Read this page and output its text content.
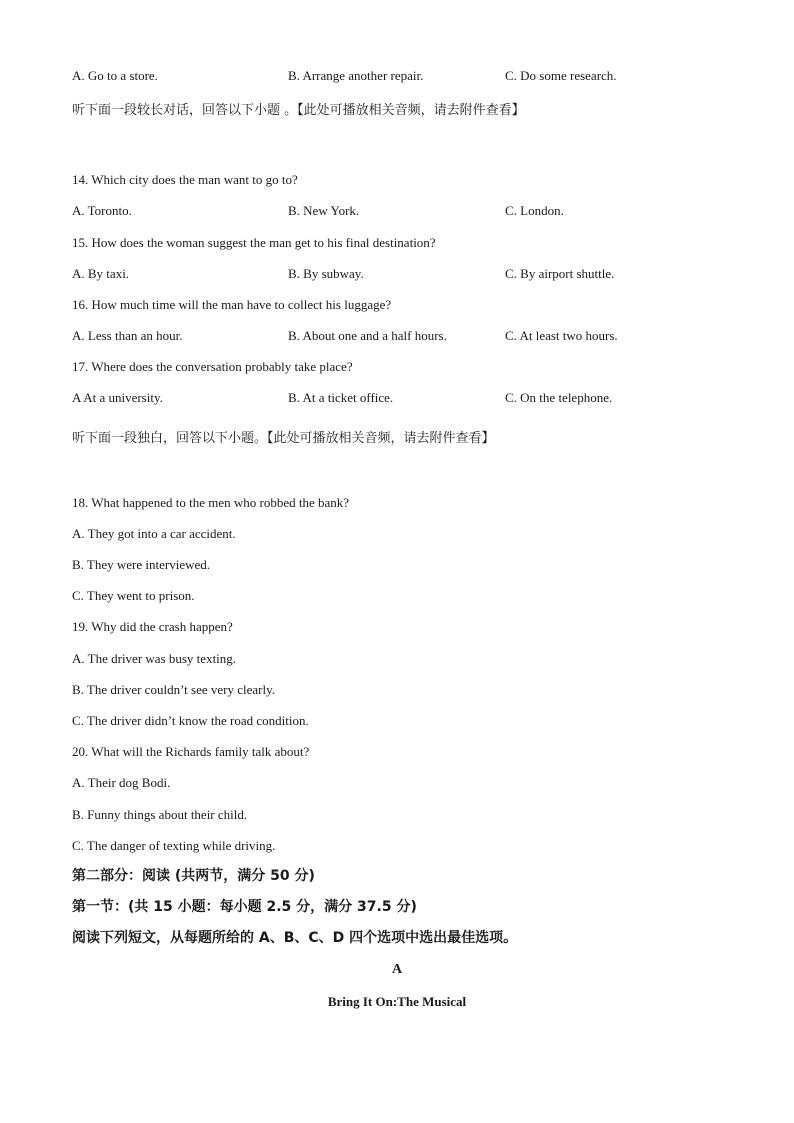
A. Go to a store.	B. Arrange another repair.	C. Do some research.
听下面一段较长对话，回答以下小题 。【此处可播放相关音频，请去附件查看】
14. Which city does the man want to go to?
A. Toronto.	B. New York.	C. London.
15. How does the woman suggest the man get to his final destination?
A. By taxi.	B. By subway.	C. By airport shuttle.
16. How much time will the man have to collect his luggage?
A. Less than an hour.	B. About one and a half hours.	C. At least two hours.
17. Where does the conversation probably take place?
A At a university.	B. At a ticket office.	C. On the telephone.
听下面一段独白，回答以下小题。【此处可播放相关音频，请去附件查看】
18. What happened to the men who robbed the bank?
A. They got into a car accident.
B. They were interviewed.
C. They went to prison.
19. Why did the crash happen?
A. The driver was busy texting.
B. The driver couldn’t see very clearly.
C. The driver didn’t know the road condition.
20. What will the Richards family talk about?
A. Their dog Bodi.
B. Funny things about their child.
C. The danger of texting while driving.
第二部分：阅读 (共两节，满分 50 分)
第一节：(共 15 小题：每小题 2.5 分，满分 37.5 分)
阅读下列短文，从每题所给的 A、B、C、D 四个选项中选出最佳选项。
A
Bring It On:The Musical
